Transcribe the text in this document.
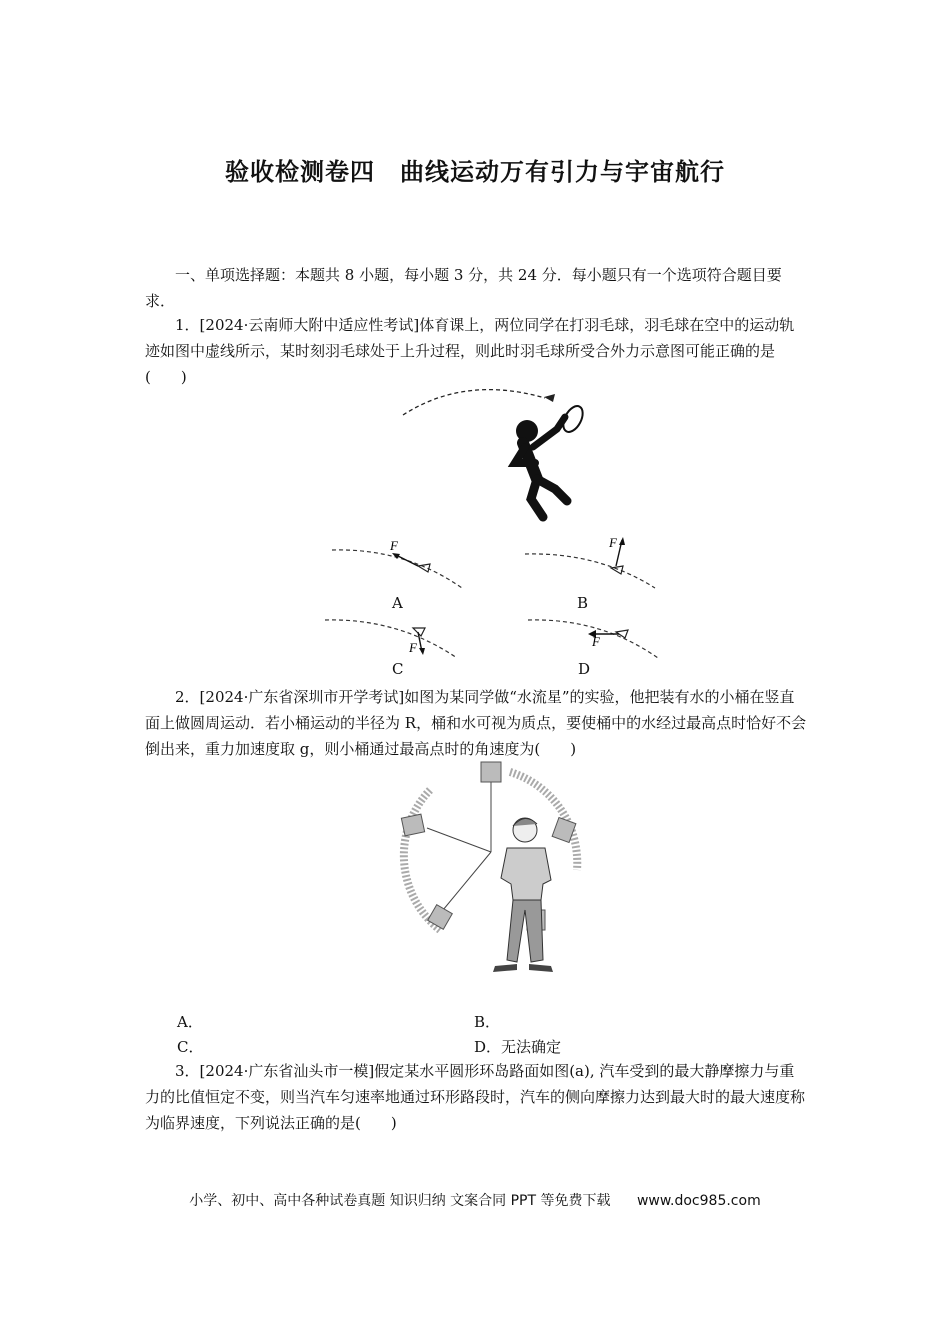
验收检测卷四　曲线运动万有引力与宇宙航行
一、单项选择题：本题共 8 小题，每小题 3 分，共 24 分．每小题只有一个选项符合题目要求．
1．[2024·云南师大附中适应性考试]体育课上，两位同学在打羽毛球，羽毛球在空中的运动轨迹如图中虚线所示，某时刻羽毛球处于上升过程，则此时羽毛球所受合外力示意图可能正确的是(　　)
F
A
F
B
F
C
F
D
2．[2024·广东省深圳市开学考试]如图为某同学做“水流星”的实验，他把装有水的小桶在竖直面上做圆周运动．若小桶运动的半径为 R，桶和水可视为质点，要使桶中的水经过最高点时恰好不会倒出来，重力加速度取 g，则小桶通过最高点时的角速度为(　　)
A．	B．
C．	D．无法确定
3．[2024·广东省汕头市一模]假定某水平圆形环岛路面如图(a), 汽车受到的最大静摩擦力与重力的比值恒定不变，则当汽车匀速率地通过环形路段时，汽车的侧向摩擦力达到最大时的最大速度称为临界速度，下列说法正确的是(　　)
小学、初中、高中各种试卷真题 知识归纳 文案合同 PPT 等免费下载 www.doc985.com
